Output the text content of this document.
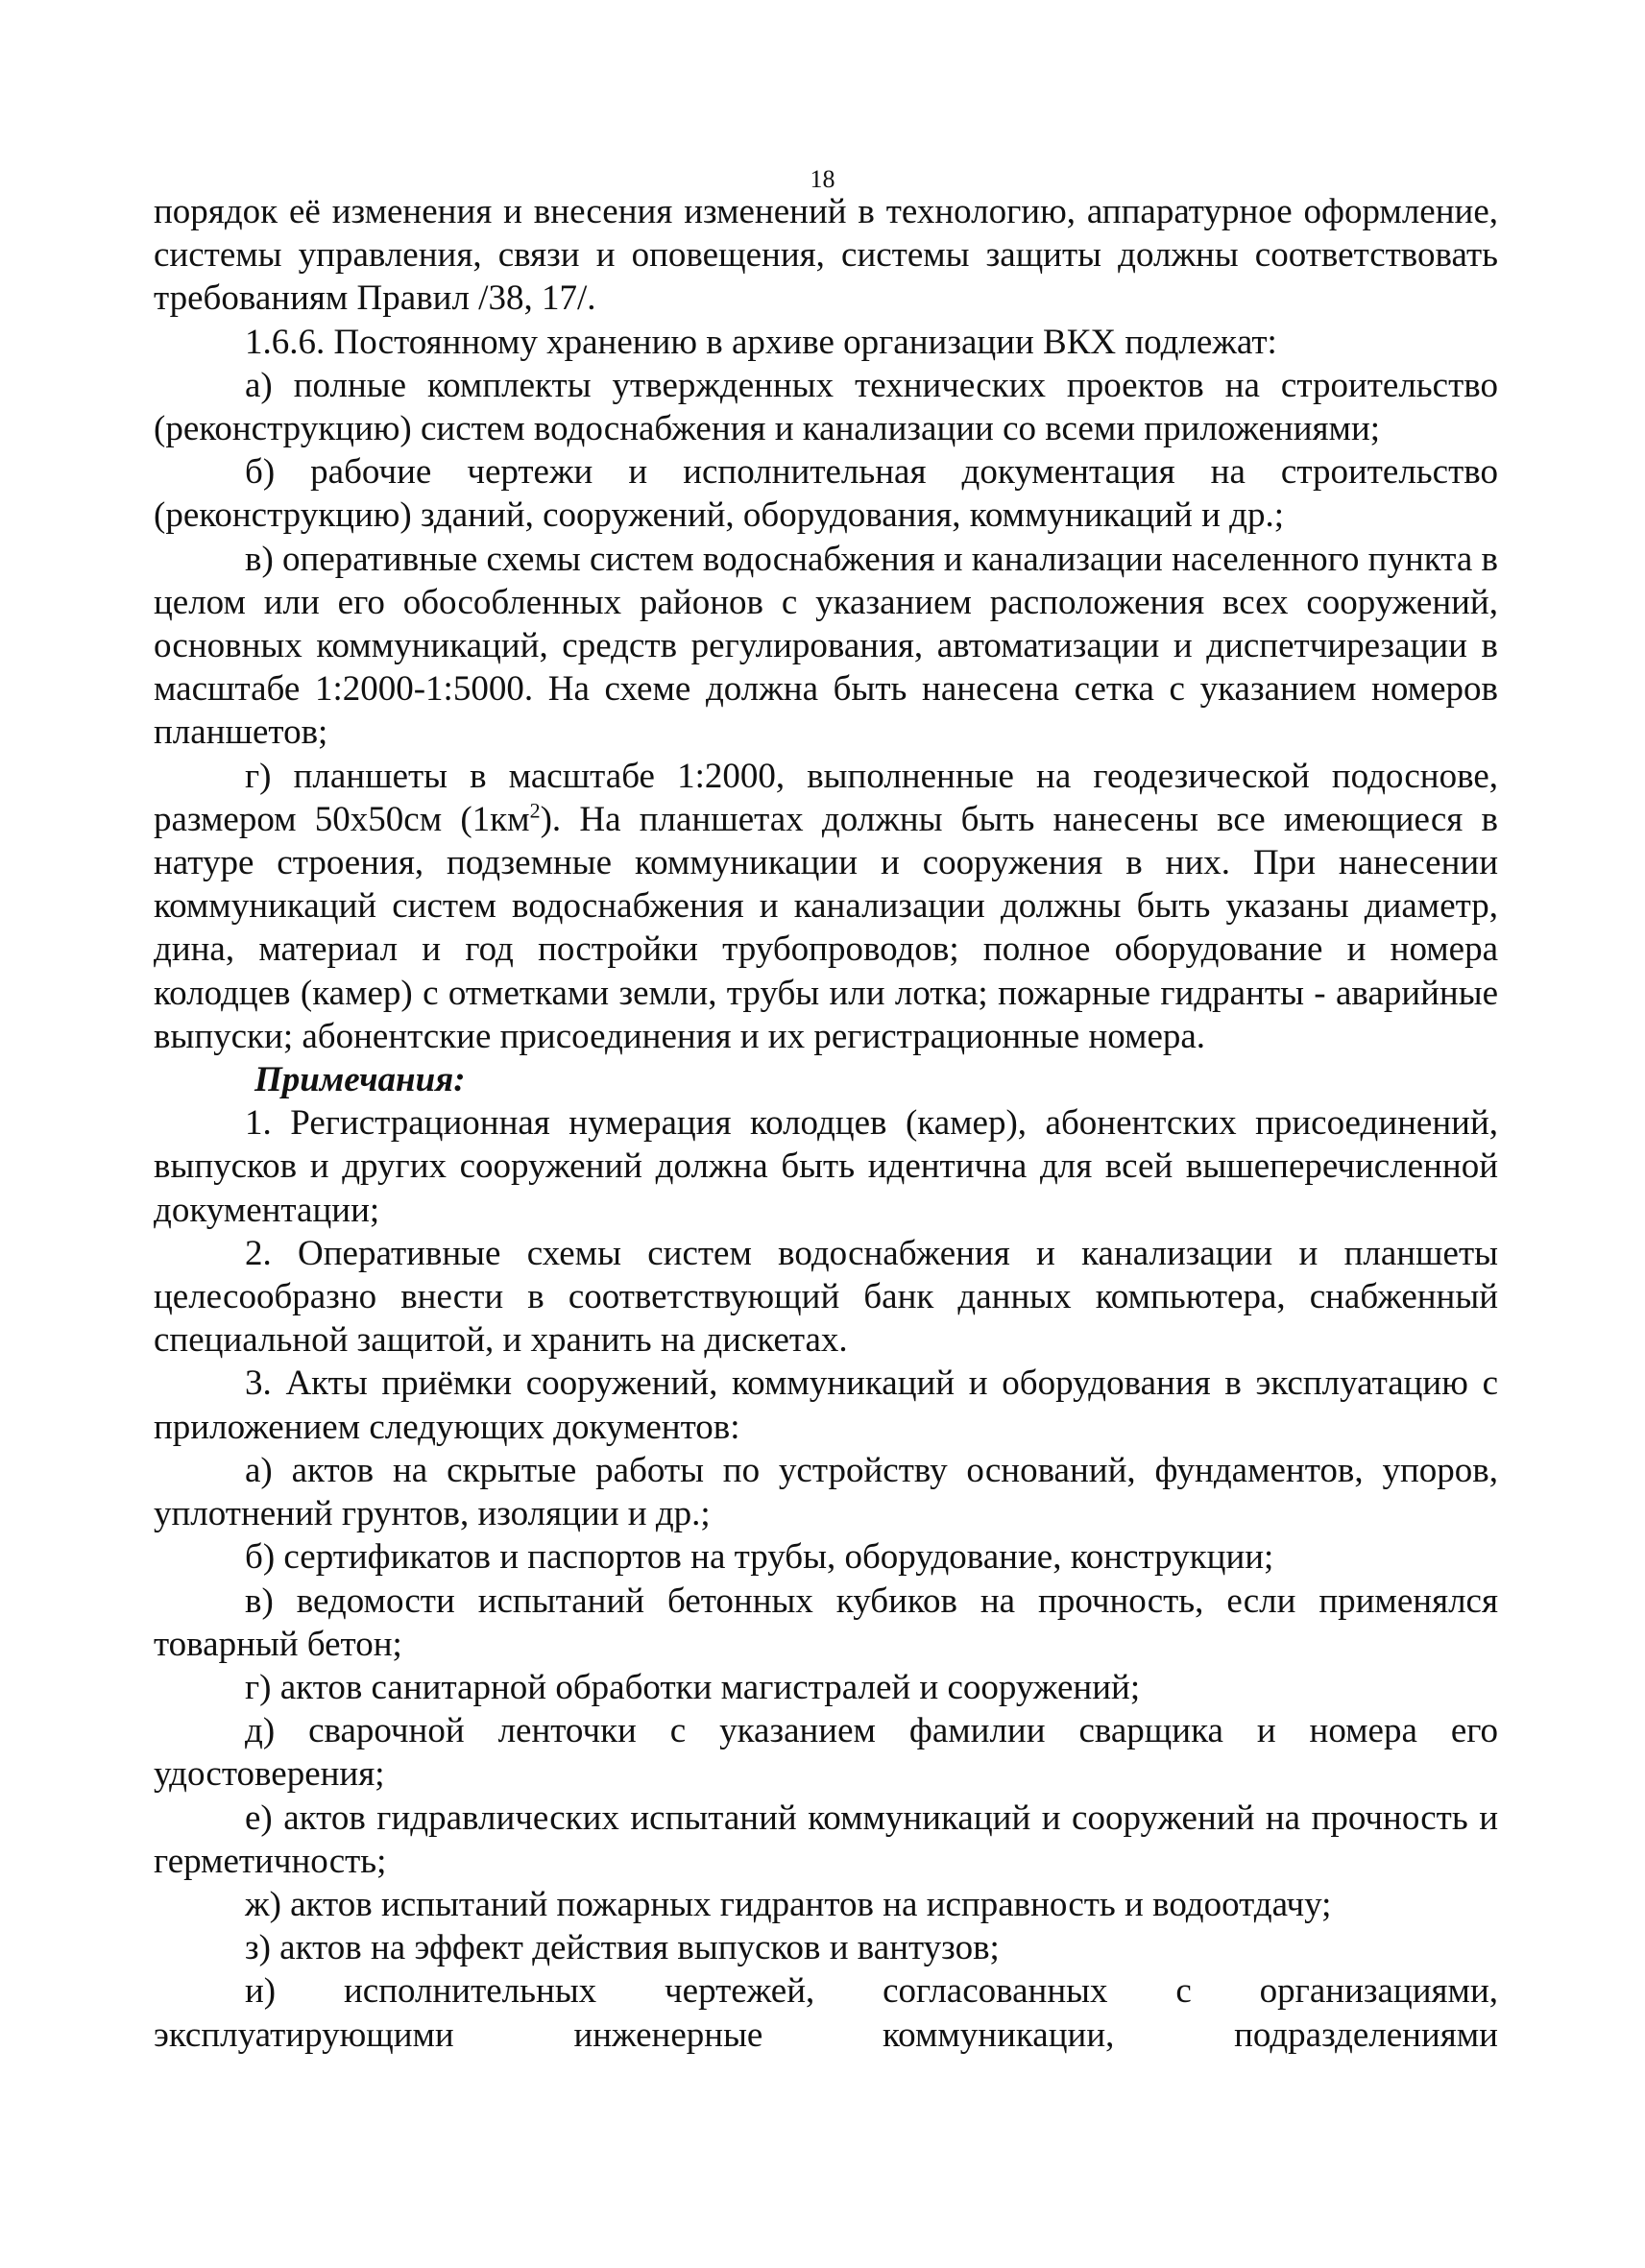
18

порядок её изменения и внесения изменений в технологию, аппаратурное оформление, системы управления, связи и оповещения, системы защиты должны соответствовать требованиям Правил /38, 17/.

1.6.6. Постоянному хранению в архиве организации ВКХ подлежат:

а) полные комплекты утвержденных технических проектов на строительство (реконструкцию) систем водоснабжения и канализации со всеми приложениями;

б) рабочие чертежи и исполнительная документация на строительство (реконструкцию) зданий, сооружений, оборудования, коммуникаций и др.;

в) оперативные схемы систем водоснабжения и канализации населенного пункта в целом или его обособленных районов с указанием расположения всех сооружений, основных коммуникаций, средств регулирования, автоматизации и диспетчирезации в масштабе 1:2000-1:5000. На схеме должна быть нанесена сетка с указанием номеров планшетов;

г) планшеты в масштабе 1:2000, выполненные на геодезической подоснове, размером 50х50см $(1км^2)$. На планшетах должны быть нанесены все имеющиеся в натуре строения, подземные коммуникации и сооружения в них. При нанесении коммуникаций систем водоснабжения и канализации должны быть указаны диаметр, дина, материал и год постройки трубопроводов; полное оборудование и номера колодцев (камер) с отметками земли, трубы или лотка; пожарные гидранты - аварийные выпуски; абонентские присоединения и их регистрационные номера.

Примечания:

1. Регистрационная нумерация колодцев (камер), абонентских присоединений, выпусков и других сооружений должна быть идентична для всей вышеперечисленной документации;

2. Оперативные схемы систем водоснабжения и канализации и планшеты целесообразно внести в соответствующий банк данных компьютера, снабженный специальной защитой, и хранить на дискетах.

3. Акты приёмки сооружений, коммуникаций и оборудования в эксплуатацию с приложением следующих документов:

а) актов на скрытые работы по устройству оснований, фундаментов, упоров, уплотнений грунтов, изоляции и др.;

б) сертификатов и паспортов на трубы, оборудование, конструкции;

в) ведомости испытаний бетонных кубиков на прочность, если применялся товарный бетон;

г) актов санитарной обработки магистралей и сооружений;

д) сварочной ленточки с указанием фамилии сварщика и номера его удостоверения;

е) актов гидравлических испытаний коммуникаций и сооружений на прочность и герметичность;

ж) актов испытаний пожарных гидрантов на исправность и водоотдачу;

з) актов на эффект действия выпусков и вантузов;

и) исполнительных чертежей, согласованных с организациями, эксплуатирующими инженерные коммуникации, подразделениями
